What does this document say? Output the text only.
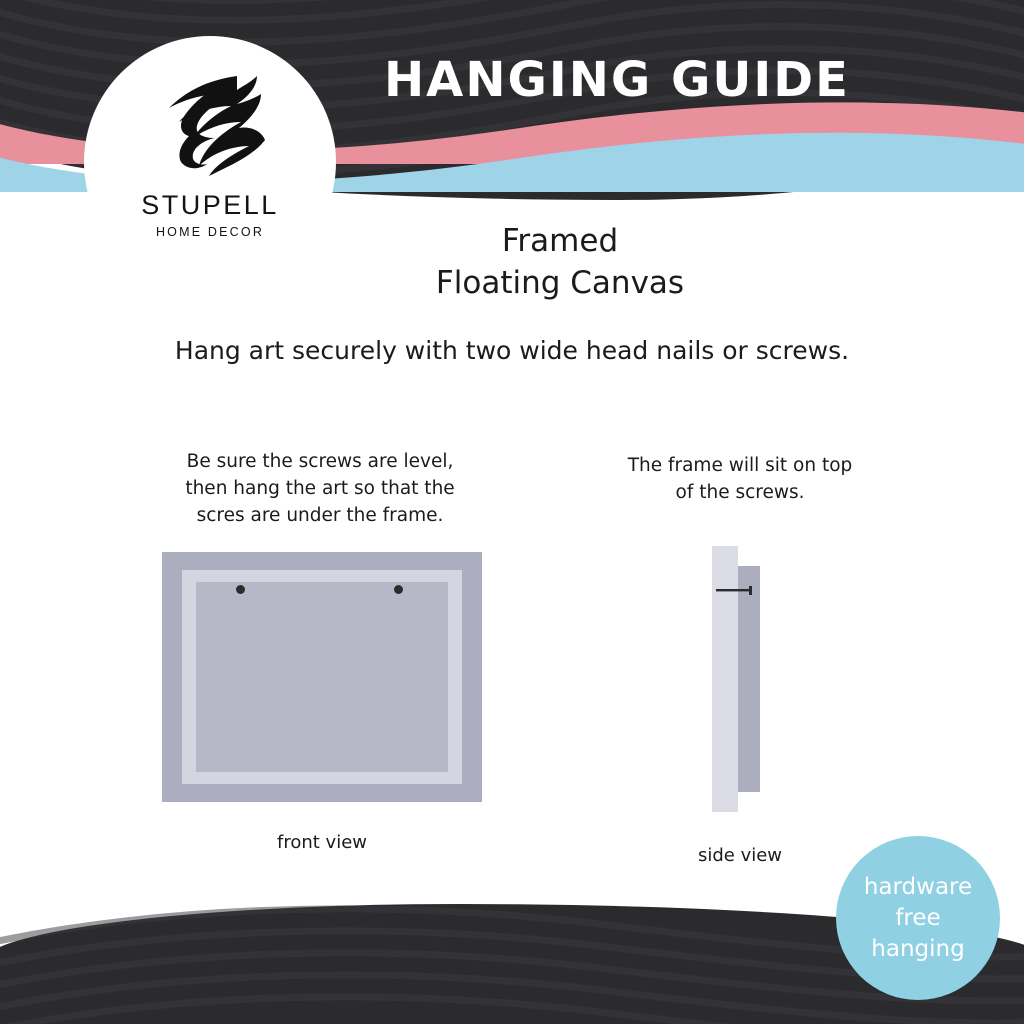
STUPELL
HOME DECOR
HANGING GUIDE
Framed
Floating Canvas
Hang art securely with two wide head nails or screws.
Be sure the screws are level,
then hang the art so that the
scres are under the frame.
front view
The frame will sit on top
of the screws.
side view
hardware
free
hanging
